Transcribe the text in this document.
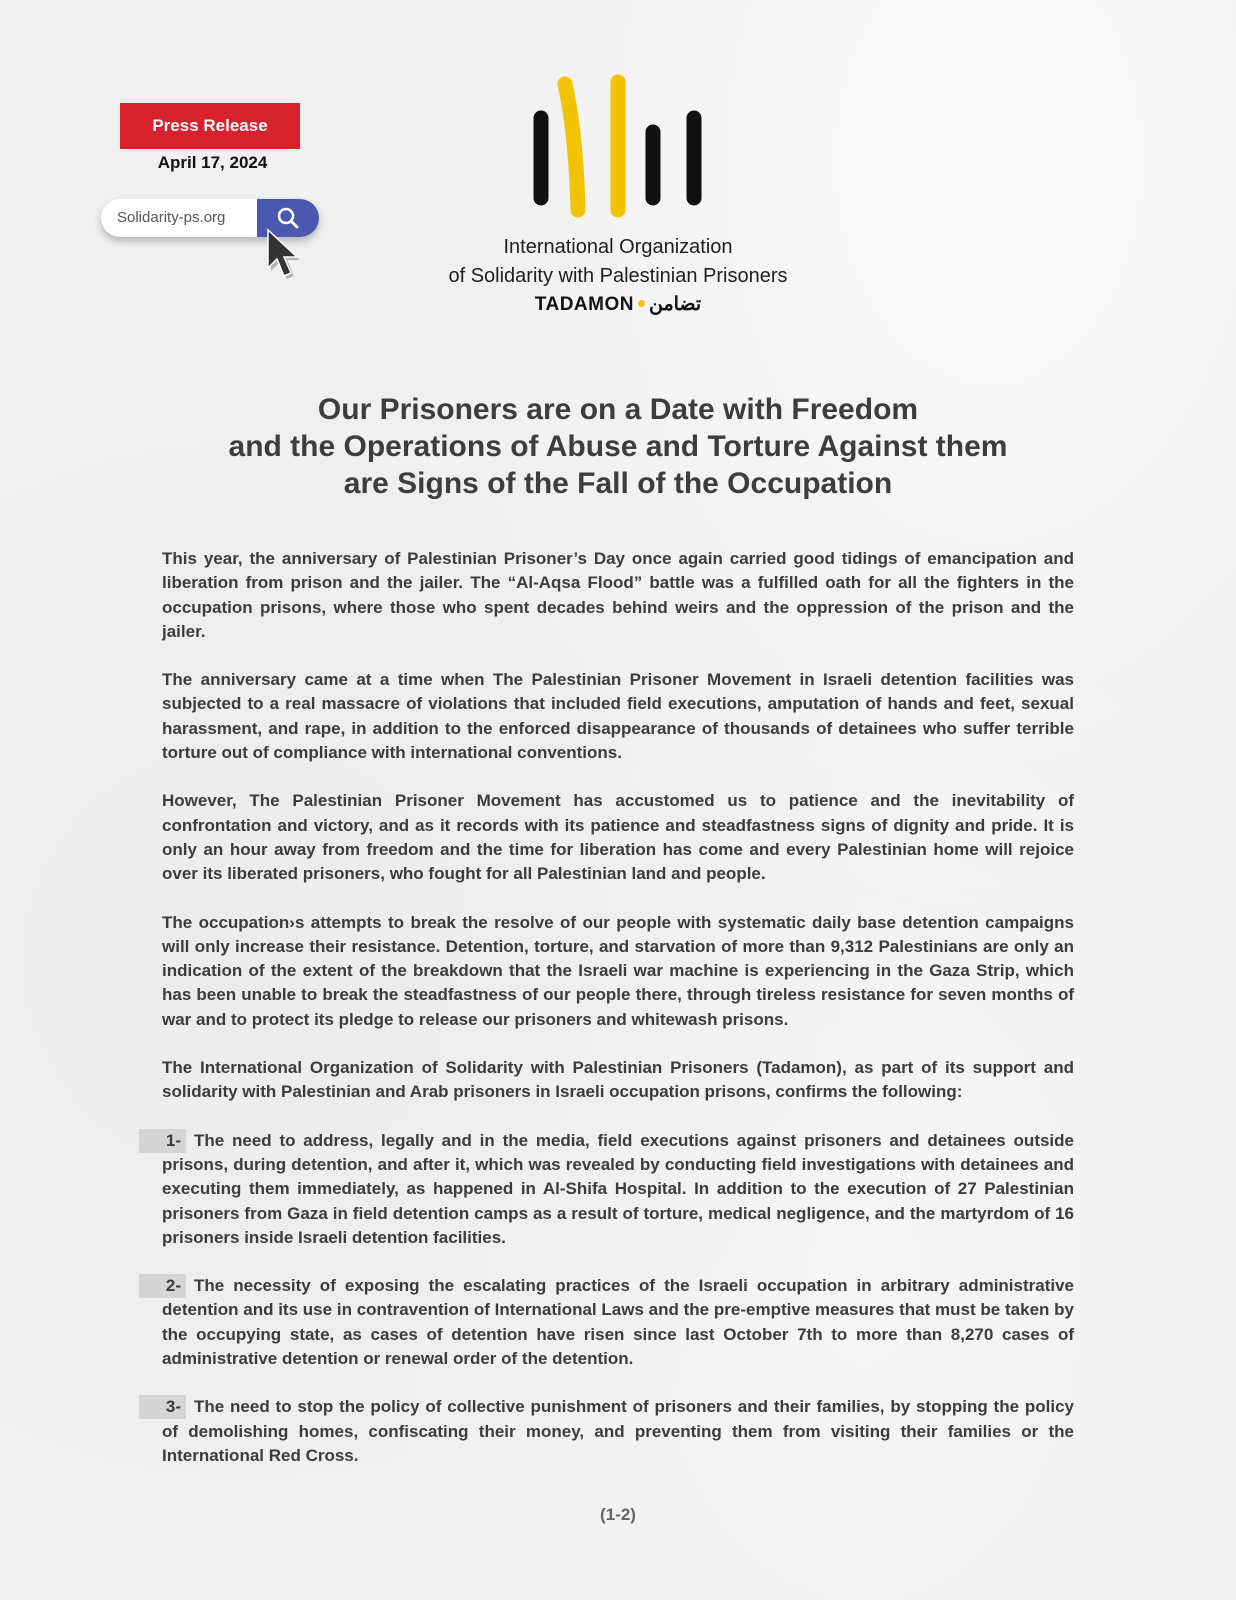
Press Release
April 17, 2024
Solidarity-ps.org
International Organization
of Solidarity with Palestinian Prisoners
TADAMON تضامن
Our Prisoners are on a Date with Freedom
and the Operations of Abuse and Torture Against them
are Signs of the Fall of the Occupation

This year, the anniversary of Palestinian Prisoner’s Day once again carried good tidings of emancipation and liberation from prison and the jailer. The “Al-Aqsa Flood” battle was a fulfilled oath for all the fighters in the occupation prisons, where those who spent decades behind weirs and the oppression of the prison and the jailer.

The anniversary came at a time when The Palestinian Prisoner Movement in Israeli detention facilities was subjected to a real massacre of violations that included field executions, amputation of hands and feet, sexual harassment, and rape, in addition to the enforced disappearance of thousands of detainees who suffer terrible torture out of compliance with international conventions.

However, The Palestinian Prisoner Movement has accustomed us to patience and the inevitability of confrontation and victory, and as it records with its patience and steadfastness signs of dignity and pride. It is only an hour away from freedom and the time for liberation has come and every Palestinian home will rejoice over its liberated prisoners, who fought for all Palestinian land and people.

The occupation›s attempts to break the resolve of our people with systematic daily base detention campaigns will only increase their resistance. Detention, torture, and starvation of more than 9,312 Palestinians are only an indication of the extent of the breakdown that the Israeli war machine is experiencing in the Gaza Strip, which has been unable to break the steadfastness of our people there, through tireless resistance for seven months of war and to protect its pledge to release our prisoners and whitewash prisons.

The International Organization of Solidarity with Palestinian Prisoners (Tadamon), as part of its support and solidarity with Palestinian and Arab prisoners in Israeli occupation prisons, confirms the following:

1- The need to address, legally and in the media, field executions against prisoners and detainees outside prisons, during detention, and after it, which was revealed by conducting field investigations with detainees and executing them immediately, as happened in Al-Shifa Hospital. In addition to the execution of 27 Palestinian prisoners from Gaza in field detention camps as a result of torture, medical negligence, and the martyrdom of 16 prisoners inside Israeli detention facilities.

2- The necessity of exposing the escalating practices of the Israeli occupation in arbitrary administrative detention and its use in contravention of International Laws and the pre-emptive measures that must be taken by the occupying state, as cases of detention have risen since last October 7th to more than 8,270 cases of administrative detention or renewal order of the detention.

3- The need to stop the policy of collective punishment of prisoners and their families, by stopping the policy of demolishing homes, confiscating their money, and preventing them from visiting their families or the International Red Cross.

(1-2)
